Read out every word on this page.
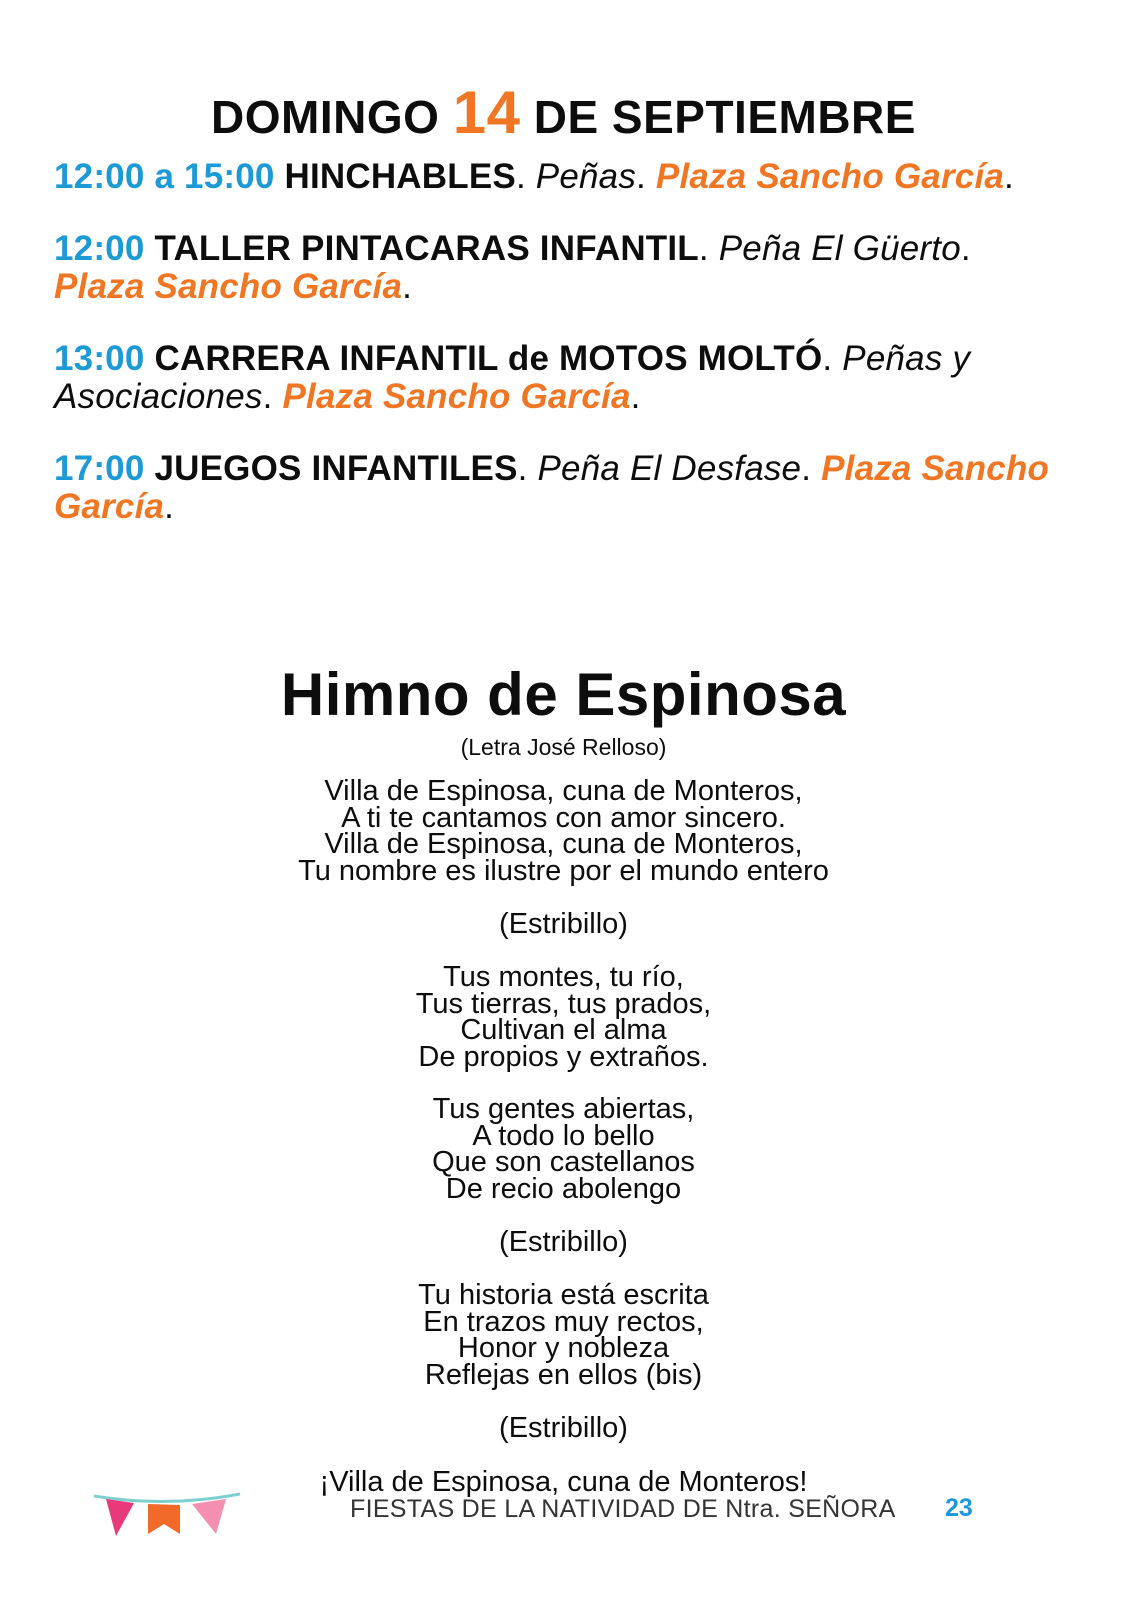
DOMINGO 14 DE SEPTIEMBRE

12:00 a 15:00 HINCHABLES. Peñas. Plaza Sancho García.

12:00 TALLER PINTACARAS INFANTIL. Peña El Güerto. Plaza Sancho García.

13:00 CARRERA INFANTIL de MOTOS MOLTÓ. Peñas y Asociaciones. Plaza Sancho García.

17:00 JUEGOS INFANTILES. Peña El Desfase. Plaza Sancho García.

Himno de Espinosa
(Letra José Relloso)
Villa de Espinosa, cuna de Monteros,
A ti te cantamos con amor sincero.
Villa de Espinosa, cuna de Monteros,
Tu nombre es ilustre por el mundo entero
(Estribillo)
Tus montes, tu río,
Tus tierras, tus prados,
Cultivan el alma
De propios y extraños.
Tus gentes abiertas,
A todo lo bello
Que son castellanos
De recio abolengo
(Estribillo)
Tu historia está escrita
En trazos muy rectos,
Honor y nobleza
Reflejas en ellos (bis)
(Estribillo)
¡Villa de Espinosa, cuna de Monteros!
FIESTAS DE LA NATIVIDAD DE Ntra. SEÑORA 23
